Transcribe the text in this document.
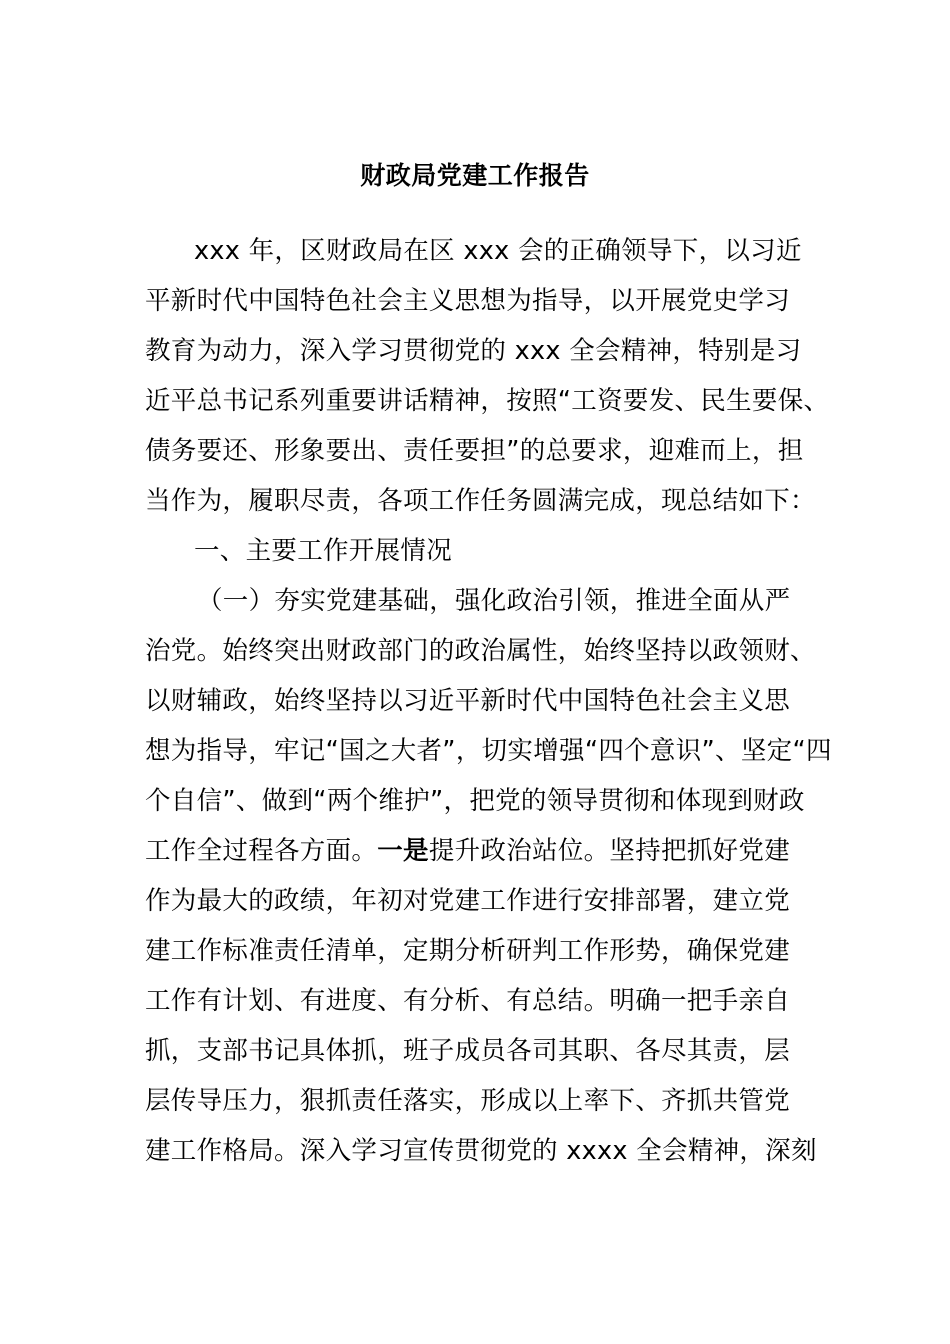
财政局党建工作报告
xxx 年，区财政局在区 xxx 会的正确领导下，以习近
平新时代中国特色社会主义思想为指导，以开展党史学习
教育为动力，深入学习贯彻党的 xxx 全会精神，特别是习
近平总书记系列重要讲话精神，按照“工资要发、民生要保、
债务要还、形象要出、责任要担”的总要求，迎难而上，担
当作为，履职尽责，各项工作任务圆满完成，现总结如下：
一、主要工作开展情况
（一）夯实党建基础，强化政治引领，推进全面从严
治党。始终突出财政部门的政治属性，始终坚持以政领财、
以财辅政，始终坚持以习近平新时代中国特色社会主义思
想为指导，牢记“国之大者”，切实增强“四个意识”、坚定“四
个自信”、做到“两个维护”，把党的领导贯彻和体现到财政
工作全过程各方面。一是提升政治站位。坚持把抓好党建
作为最大的政绩，年初对党建工作进行安排部署，建立党
建工作标准责任清单，定期分析研判工作形势，确保党建
工作有计划、有进度、有分析、有总结。明确一把手亲自
抓，支部书记具体抓，班子成员各司其职、各尽其责，层
层传导压力，狠抓责任落实，形成以上率下、齐抓共管党
建工作格局。深入学习宣传贯彻党的 xxxx 全会精神，深刻
